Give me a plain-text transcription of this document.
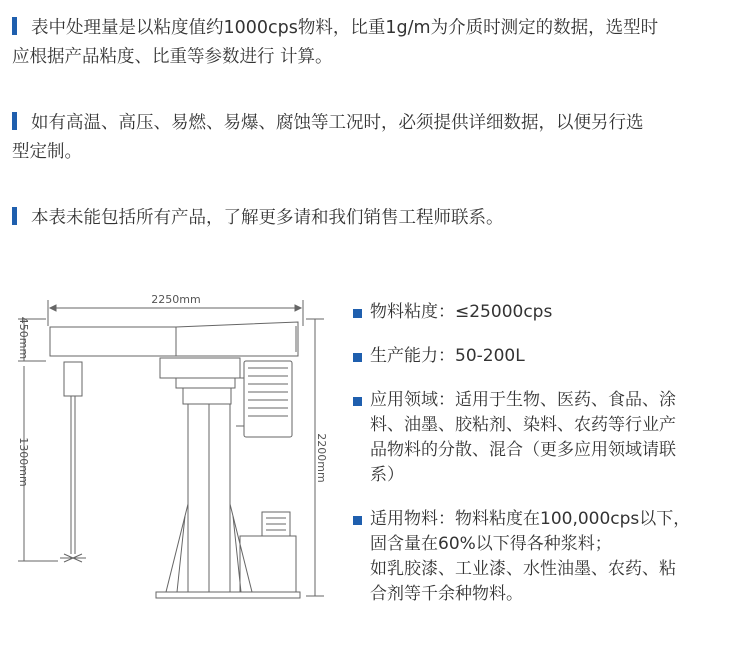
表中处理量是以粘度值约1000cps物料，比重1g/m为介质时测定的数据，选型时
应根据产品粘度、比重等参数进行 计算。
如有高温、高压、易燃、易爆、腐蚀等工况时，必须提供详细数据，以便另行选
型定制。
本表未能包括所有产品，了解更多请和我们销售工程师联系。
2250mm
450mm
1300mm	2200mm
物料粘度：≤25000cps
生产能力：50-200L
应用领域：适用于生物、医药、食品、涂
料、油墨、胶粘剂、染料、农药等行业产
品物料的分散、混合（更多应用领域请联
系）
适用物料：物料粘度在100,000cps以下，
固含量在60%以下得各种浆料；
如乳胶漆、工业漆、水性油墨、农药、粘
合剂等千余种物料。
